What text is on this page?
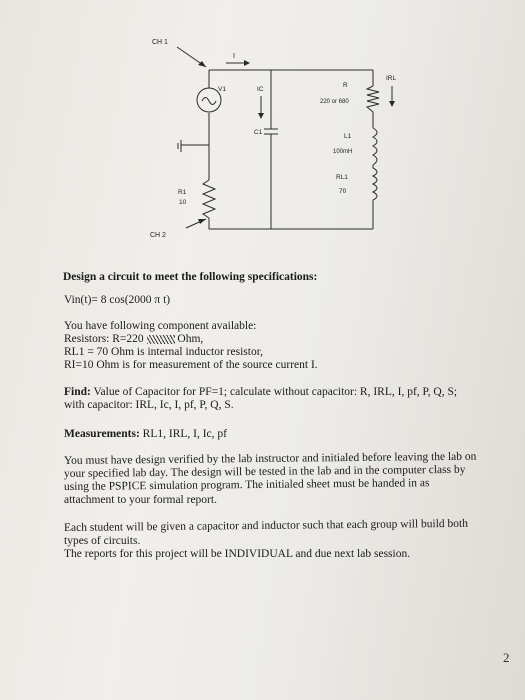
CH 1
I
V1	IC
C1
R
220 or 680
IRL
L1
100mH
RL1
70
R1
10
CH 2
Design a circuit to meet the following specifications:
Vin(t)= 8 cos(2000 π t)
You have following component available:
Resistors: R=220  Ohm,
RL1 = 70 Ohm is internal inductor resistor,
RI=10 Ohm is for measurement of the source current I.
Find: Value of Capacitor for PF=1; calculate without capacitor: R, IRL, I, pf, P, Q, S;
with capacitor: IRL, Ic, I, pf, P, Q, S.
Measurements: RL1, IRL, I, Ic, pf
You must have design verified by the lab instructor and initialed before leaving the lab on
your specified lab day. The design will be tested in the lab and in the computer class by
using the PSPICE simulation program. The initialed sheet must be handed in as
attachment to your formal report.
Each student will be given a capacitor and inductor such that each group will build both
types of circuits.
The reports for this project will be INDIVIDUAL and due next lab session.
2
